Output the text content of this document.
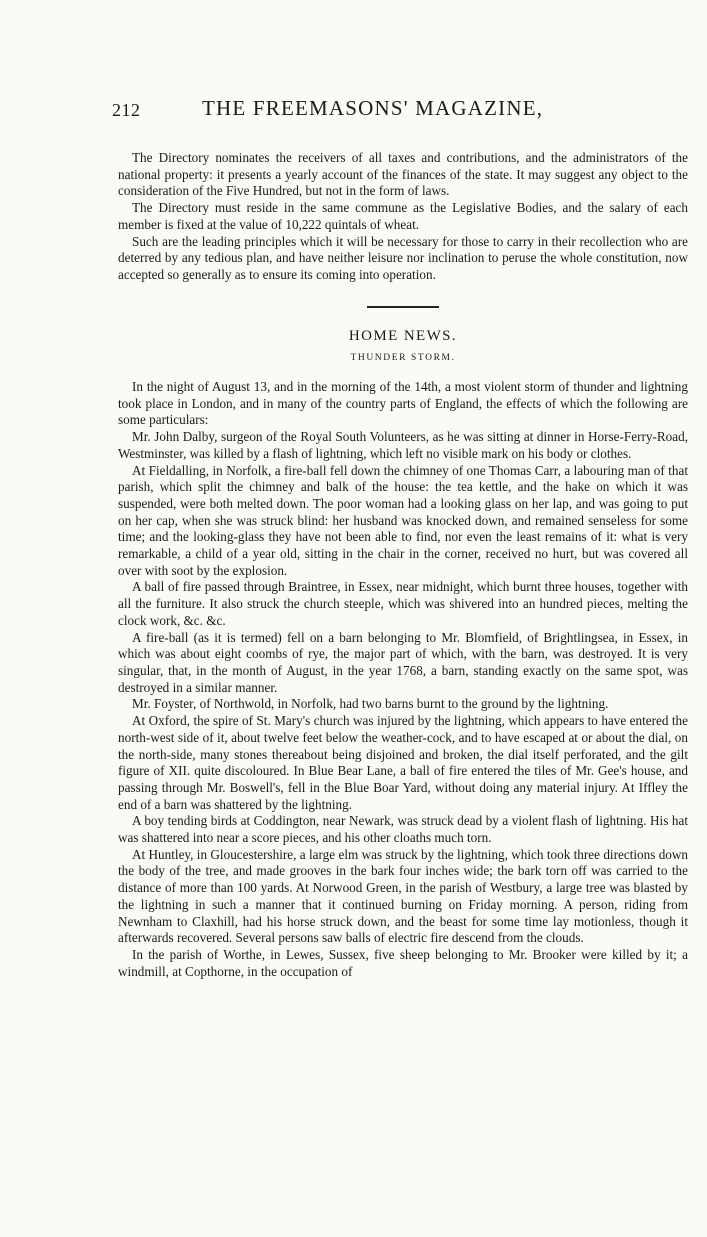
212	THE FREEMASONS' MAGAZINE,

The Directory nominates the receivers of all taxes and contributions, and the administrators of the national property: it presents a yearly account of the finances of the state. It may suggest any object to the consideration of the Five Hundred, but not in the form of laws.

The Directory must reside in the same commune as the Legislative Bodies, and the salary of each member is fixed at the value of 10,222 quintals of wheat.

Such are the leading principles which it will be necessary for those to carry in their recollection who are deterred by any tedious plan, and have neither leisure nor inclination to peruse the whole constitution, now accepted so generally as to ensure its coming into operation.

HOME NEWS.
THUNDER STORM.

In the night of August 13, and in the morning of the 14th, a most violent storm of thunder and lightning took place in London, and in many of the country parts of England, the effects of which the following are some particulars:

Mr. John Dalby, surgeon of the Royal South Volunteers, as he was sitting at dinner in Horse-Ferry-Road, Westminster, was killed by a flash of lightning, which left no visible mark on his body or clothes.

At Fieldalling, in Norfolk, a fire-ball fell down the chimney of one Thomas Carr, a labouring man of that parish, which split the chimney and balk of the house: the tea kettle, and the hake on which it was suspended, were both melted down. The poor woman had a looking glass on her lap, and was going to put on her cap, when she was struck blind: her husband was knocked down, and remained senseless for some time; and the looking-glass they have not been able to find, nor even the least remains of it: what is very remarkable, a child of a year old, sitting in the chair in the corner, received no hurt, but was covered all over with soot by the explosion.

A ball of fire passed through Braintree, in Essex, near midnight, which burnt three houses, together with all the furniture. It also struck the church steeple, which was shivered into an hundred pieces, melting the clock work, &c. &c.

A fire-ball (as it is termed) fell on a barn belonging to Mr. Blomfield, of Brightlingsea, in Essex, in which was about eight coombs of rye, the major part of which, with the barn, was destroyed. It is very singular, that, in the month of August, in the year 1768, a barn, standing exactly on the same spot, was destroyed in a similar manner.

Mr. Foyster, of Northwold, in Norfolk, had two barns burnt to the ground by the lightning.

At Oxford, the spire of St. Mary's church was injured by the lightning, which appears to have entered the north-west side of it, about twelve feet below the weather-cock, and to have escaped at or about the dial, on the north-side, many stones thereabout being disjoined and broken, the dial itself perforated, and the gilt figure of XII. quite discoloured. In Blue Bear Lane, a ball of fire entered the tiles of Mr. Gee's house, and passing through Mr. Boswell's, fell in the Blue Boar Yard, without doing any material injury. At Iffley the end of a barn was shattered by the lightning.

A boy tending birds at Coddington, near Newark, was struck dead by a violent flash of lightning. His hat was shattered into near a score pieces, and his other cloaths much torn.

At Huntley, in Gloucestershire, a large elm was struck by the lightning, which took three directions down the body of the tree, and made grooves in the bark four inches wide; the bark torn off was carried to the distance of more than 100 yards. At Norwood Green, in the parish of Westbury, a large tree was blasted by the lightning in such a manner that it continued burning on Friday morning. A person, riding from Newnham to Claxhill, had his horse struck down, and the beast for some time lay motionless, though it afterwards recovered. Several persons saw balls of electric fire descend from the clouds.

In the parish of Worthe, in Lewes, Sussex, five sheep belonging to Mr. Brooker were killed by it; a windmill, at Copthorne, in the occupation of
